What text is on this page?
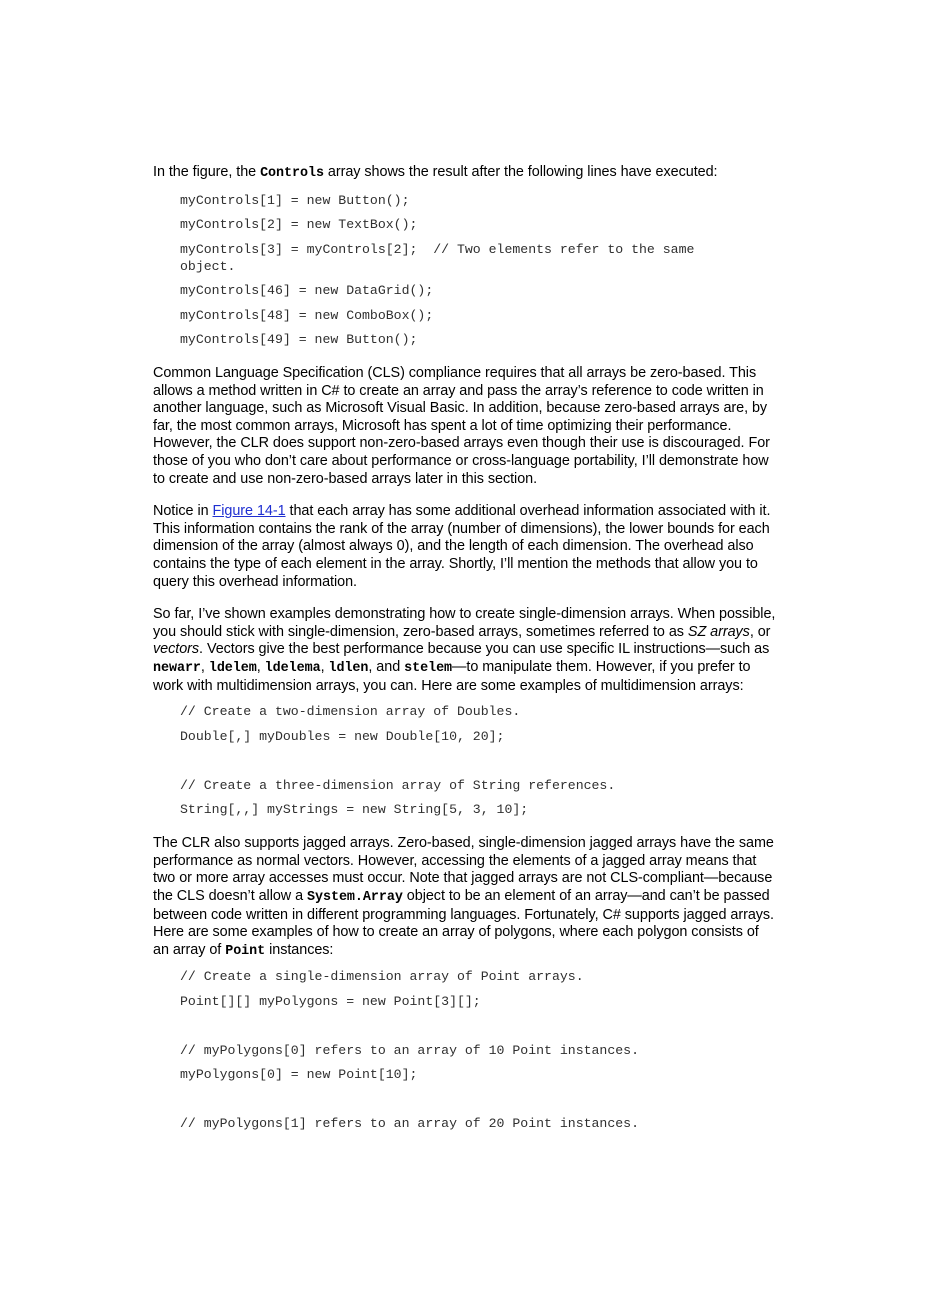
In the figure, the Controls array shows the result after the following lines have executed:

myControls[1] = new Button();
myControls[2] = new TextBox();
myControls[3] = myControls[2];  // Two elements refer to the same
object.
myControls[46] = new DataGrid();
myControls[48] = new ComboBox();
myControls[49] = new Button();

Common Language Specification (CLS) compliance requires that all arrays be zero-based. This allows a method written in C# to create an array and pass the array’s reference to code written in another language, such as Microsoft Visual Basic. In addition, because zero-based arrays are, by far, the most common arrays, Microsoft has spent a lot of time optimizing their performance. However, the CLR does support non-zero-based arrays even though their use is discouraged. For those of you who don’t care about performance or cross-language portability, I’ll demonstrate how to create and use non-zero-based arrays later in this section.

Notice in Figure 14-1 that each array has some additional overhead information associated with it. This information contains the rank of the array (number of dimensions), the lower bounds for each dimension of the array (almost always 0), and the length of each dimension. The overhead also contains the type of each element in the array. Shortly, I’ll mention the methods that allow you to query this overhead information.

So far, I’ve shown examples demonstrating how to create single-dimension arrays. When possible, you should stick with single-dimension, zero-based arrays, sometimes referred to as SZ arrays, or vectors. Vectors give the best performance because you can use specific IL instructions—such as newarr, ldelem, ldelema, ldlen, and stelem—to manipulate them. However, if you prefer to work with multidimension arrays, you can. Here are some examples of multidimension arrays:

// Create a two-dimension array of Doubles.
Double[,] myDoubles = new Double[10, 20];
// Create a three-dimension array of String references.
String[,,] myStrings = new String[5, 3, 10];

The CLR also supports jagged arrays. Zero-based, single-dimension jagged arrays have the same performance as normal vectors. However, accessing the elements of a jagged array means that two or more array accesses must occur. Note that jagged arrays are not CLS-compliant—because the CLS doesn’t allow a System.Array object to be an element of an array—and can’t be passed between code written in different programming languages. Fortunately, C# supports jagged arrays. Here are some examples of how to create an array of polygons, where each polygon consists of an array of Point instances:

// Create a single-dimension array of Point arrays.
Point[][] myPolygons = new Point[3][];
// myPolygons[0] refers to an array of 10 Point instances.
myPolygons[0] = new Point[10];
// myPolygons[1] refers to an array of 20 Point instances.
